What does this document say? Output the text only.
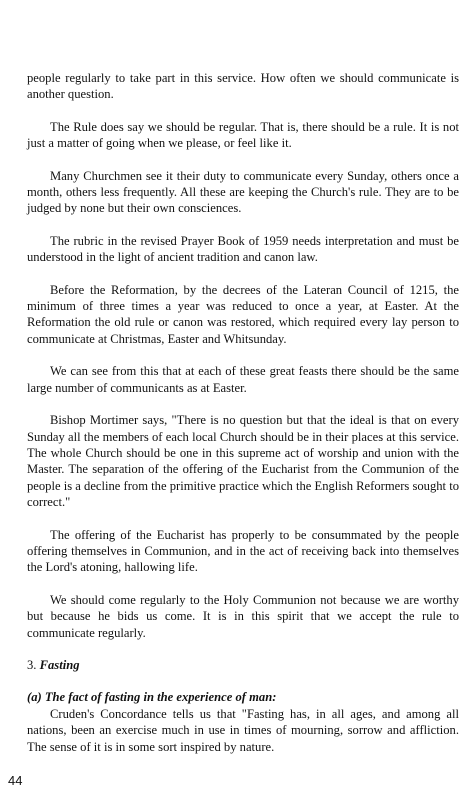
people regularly to take part in this service. How often we should communicate is another question.

The Rule does say we should be regular. That is, there should be a rule. It is not just a matter of going when we please, or feel like it.

Many Churchmen see it their duty to communicate every Sunday, others once a month, others less frequently. All these are keeping the Church's rule. They are to be judged by none but their own consciences.

The rubric in the revised Prayer Book of 1959 needs interpretation and must be understood in the light of ancient tradition and canon law.

Before the Reformation, by the decrees of the Lateran Council of 1215, the minimum of three times a year was reduced to once a year, at Easter. At the Reformation the old rule or canon was restored, which required every lay person to communicate at Christmas, Easter and Whitsunday.

We can see from this that at each of these great feasts there should be the same large number of communicants as at Easter.

Bishop Mortimer says, "There is no question but that the ideal is that on every Sunday all the members of each local Church should be in their places at this service. The whole Church should be one in this supreme act of worship and union with the Master. The separation of the offering of the Eucharist from the Communion of the people is a decline from the primitive practice which the English Reformers sought to correct."

The offering of the Eucharist has properly to be consummated by the people offering themselves in Communion, and in the act of receiving back into themselves the Lord's atoning, hallowing life.

We should come regularly to the Holy Communion not because we are worthy but because he bids us come. It is in this spirit that we accept the rule to communicate regularly.

3. Fasting
(a) The fact of fasting in the experience of man:

Cruden's Concordance tells us that "Fasting has, in all ages, and among all nations, been an exercise much in use in times of mourning, sorrow and affliction. The sense of it is in some sort inspired by nature.

44
